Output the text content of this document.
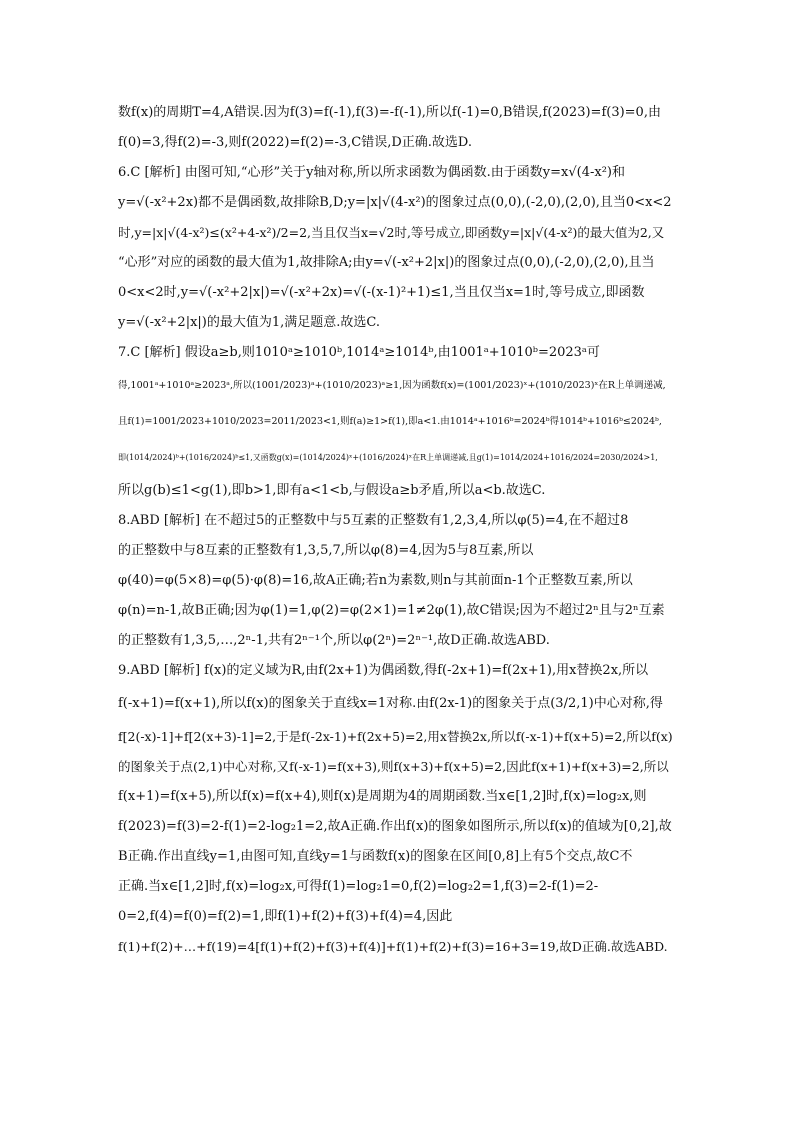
数f(x)的周期T=4,A错误.因为f(3)=f(-1),f(3)=-f(-1),所以f(-1)=0,B错误,f(2023)=f(3)=0,由
f(0)=3,得f(2)=-3,则f(2022)=f(2)=-3,C错误,D正确.故选D.
6.C [解析] 由图可知,“心形”关于y轴对称,所以所求函数为偶函数.由于函数y=x√(4-x²)和
y=√(-x²+2x)都不是偶函数,故排除B,D;y=|x|√(4-x²)的图象过点(0,0),(-2,0),(2,0),且当0<x<2
时,y=|x|√(4-x²)≤(x²+4-x²)/2=2,当且仅当x=√2时,等号成立,即函数y=|x|√(4-x²)的最大值为2,又
“心形”对应的函数的最大值为1,故排除A;由y=√(-x²+2|x|)的图象过点(0,0),(-2,0),(2,0),且当
0<x<2时,y=√(-x²+2|x|)=√(-x²+2x)=√(-(x-1)²+1)≤1,当且仅当x=1时,等号成立,即函数
y=√(-x²+2|x|)的最大值为1,满足题意.故选C.
7.C [解析] 假设a≥b,则1010ᵃ≥1010ᵇ,1014ᵃ≥1014ᵇ,由1001ᵃ+1010ᵇ=2023ᵃ可
得,1001ᵃ+1010ᵃ≥2023ᵃ,所以(1001/2023)ᵃ+(1010/2023)ᵃ≥1,因为函数f(x)=(1001/2023)ˣ+(1010/2023)ˣ在R上单调递减,
且f(1)=1001/2023+1010/2023=2011/2023<1,则f(a)≥1>f(1),即a<1.由1014ᵃ+1016ᵇ=2024ᵇ得1014ᵇ+1016ᵇ≤2024ᵇ,
即(1014/2024)ᵇ+(1016/2024)ᵇ≤1,又函数g(x)=(1014/2024)ˣ+(1016/2024)ˣ在R上单调递减,且g(1)=1014/2024+1016/2024=2030/2024>1,
所以g(b)≤1<g(1),即b>1,即有a<1<b,与假设a≥b矛盾,所以a<b.故选C.
8.ABD [解析] 在不超过5的正整数中与5互素的正整数有1,2,3,4,所以φ(5)=4,在不超过8
的正整数中与8互素的正整数有1,3,5,7,所以φ(8)=4,因为5与8互素,所以
φ(40)=φ(5×8)=φ(5)·φ(8)=16,故A正确;若n为素数,则n与其前面n-1个正整数互素,所以
φ(n)=n-1,故B正确;因为φ(1)=1,φ(2)=φ(2×1)=1≠2φ(1),故C错误;因为不超过2ⁿ且与2ⁿ互素
的正整数有1,3,5,…,2ⁿ-1,共有2ⁿ⁻¹个,所以φ(2ⁿ)=2ⁿ⁻¹,故D正确.故选ABD.
9.ABD [解析] f(x)的定义域为R,由f(2x+1)为偶函数,得f(-2x+1)=f(2x+1),用x替换2x,所以
f(-x+1)=f(x+1),所以f(x)的图象关于直线x=1对称.由f(2x-1)的图象关于点(3/2,1)中心对称,得
f[2(-x)-1]+f[2(x+3)-1]=2,于是f(-2x-1)+f(2x+5)=2,用x替换2x,所以f(-x-1)+f(x+5)=2,所以f(x)
的图象关于点(2,1)中心对称,又f(-x-1)=f(x+3),则f(x+3)+f(x+5)=2,因此f(x+1)+f(x+3)=2,所以
f(x+1)=f(x+5),所以f(x)=f(x+4),则f(x)是周期为4的周期函数.当x∈[1,2]时,f(x)=log₂x,则
f(2023)=f(3)=2-f(1)=2-log₂1=2,故A正确.作出f(x)的图象如图所示,所以f(x)的值域为[0,2],故
B正确.作出直线y=1,由图可知,直线y=1与函数f(x)的图象在区间[0,8]上有5个交点,故C不
正确.当x∈[1,2]时,f(x)=log₂x,可得f(1)=log₂1=0,f(2)=log₂2=1,f(3)=2-f(1)=2-
0=2,f(4)=f(0)=f(2)=1,即f(1)+f(2)+f(3)+f(4)=4,因此
f(1)+f(2)+…+f(19)=4[f(1)+f(2)+f(3)+f(4)]+f(1)+f(2)+f(3)=16+3=19,故D正确.故选ABD.
